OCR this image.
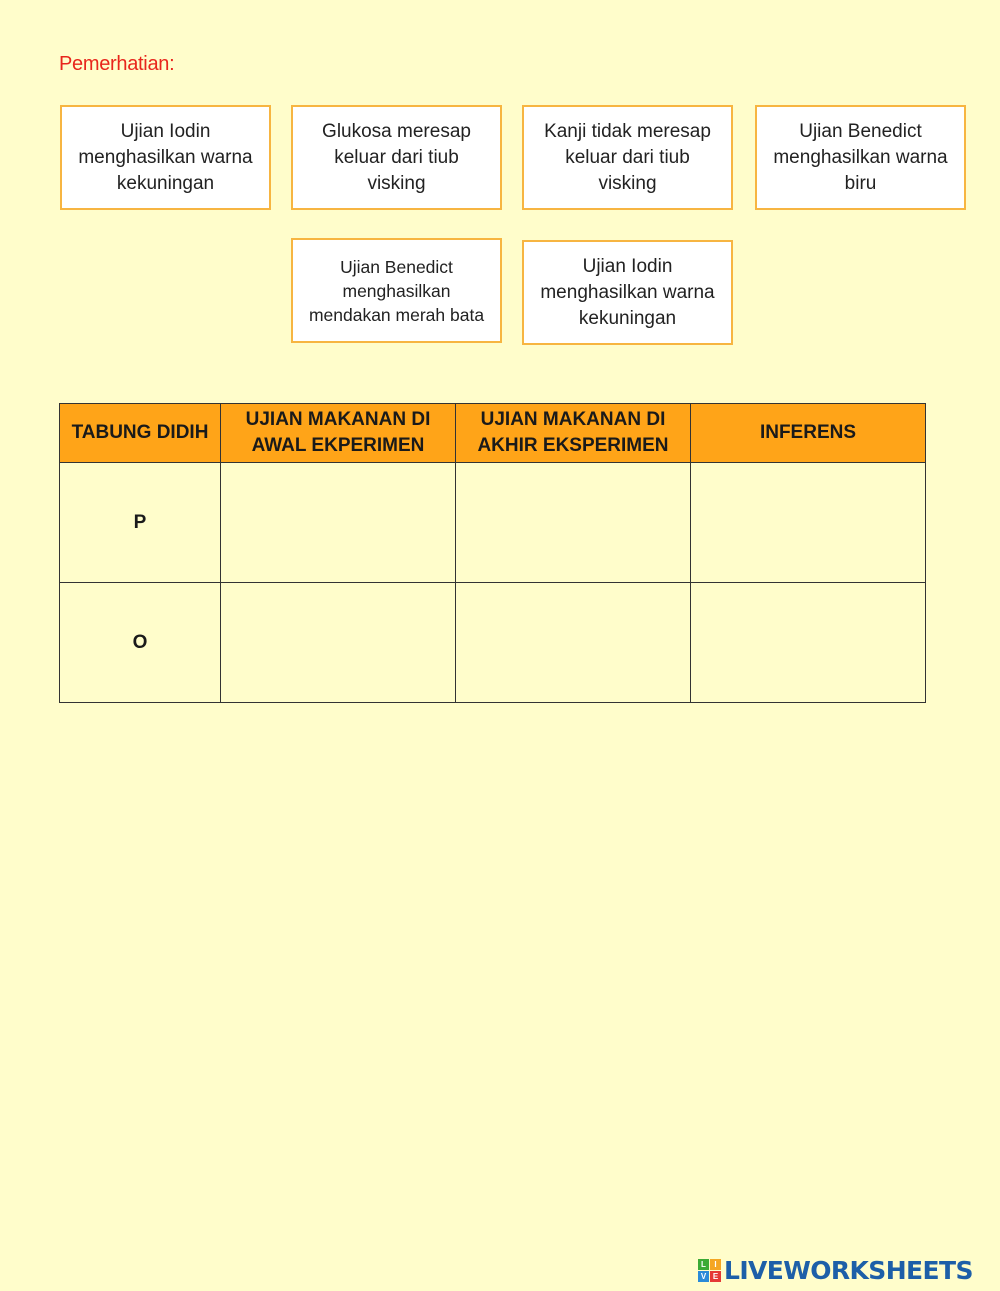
Pemerhatian:
Ujian Iodin menghasilkan warna kekuningan
Glukosa meresap keluar dari tiub visking
Kanji tidak meresap keluar dari tiub visking
Ujian Benedict menghasilkan warna biru
Ujian Benedict menghasilkan mendakan merah bata
Ujian Iodin menghasilkan warna kekuningan
TABUNG DIDIH	UJIAN MAKANAN DI AWAL EKPERIMEN	UJIAN MAKANAN DI AKHIR EKSPERIMEN	INFERENS
P			
O			
L	I
V E LIVEWORKSHEETS
